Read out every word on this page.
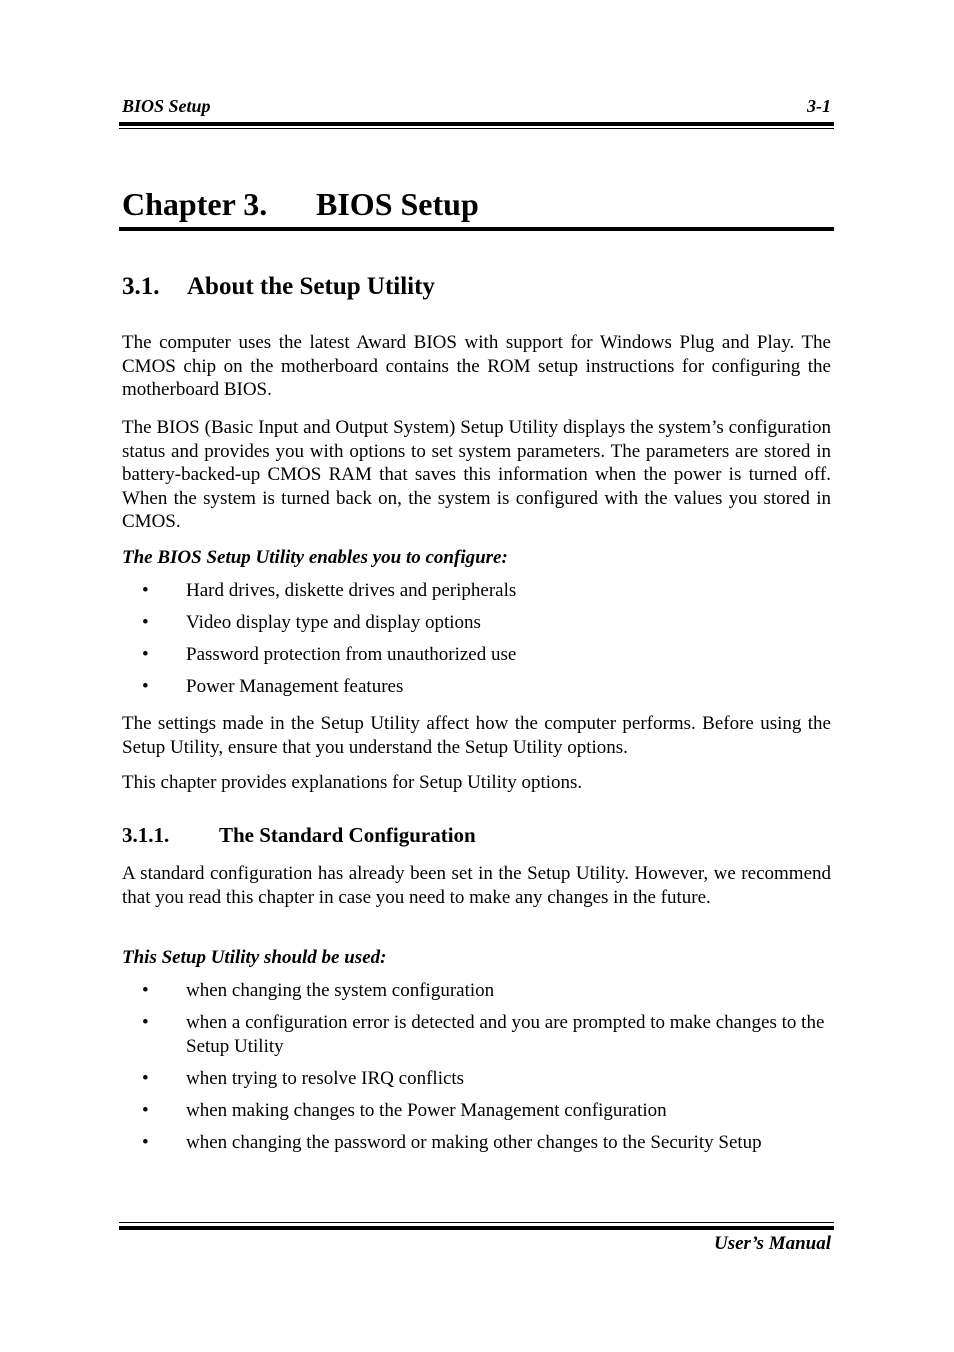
BIOS Setup	3-1
Chapter 3. BIOS Setup
3.1. About the Setup Utility
The computer uses the latest Award BIOS with support for Windows Plug and Play. The CMOS chip on the motherboard contains the ROM setup instructions for configuring the motherboard BIOS.
The BIOS (Basic Input and Output System) Setup Utility displays the system’s configuration status and provides you with options to set system parameters. The parameters are stored in battery-backed-up CMOS RAM that saves this information when the power is turned off. When the system is turned back on, the system is configured with the values you stored in CMOS.
The BIOS Setup Utility enables you to configure:
• Hard drives, diskette drives and peripherals
• Video display type and display options
• Password protection from unauthorized use
• Power Management features
The settings made in the Setup Utility affect how the computer performs. Before using the Setup Utility, ensure that you understand the Setup Utility options.
This chapter provides explanations for Setup Utility options.
3.1.1. The Standard Configuration
A standard configuration has already been set in the Setup Utility. However, we recommend that you read this chapter in case you need to make any changes in the future.
This Setup Utility should be used:
• when changing the system configuration
• when a configuration error is detected and you are prompted to make changes to the Setup Utility
• when trying to resolve IRQ conflicts
• when making changes to the Power Management configuration
• when changing the password or making other changes to the Security Setup
User’s Manual
